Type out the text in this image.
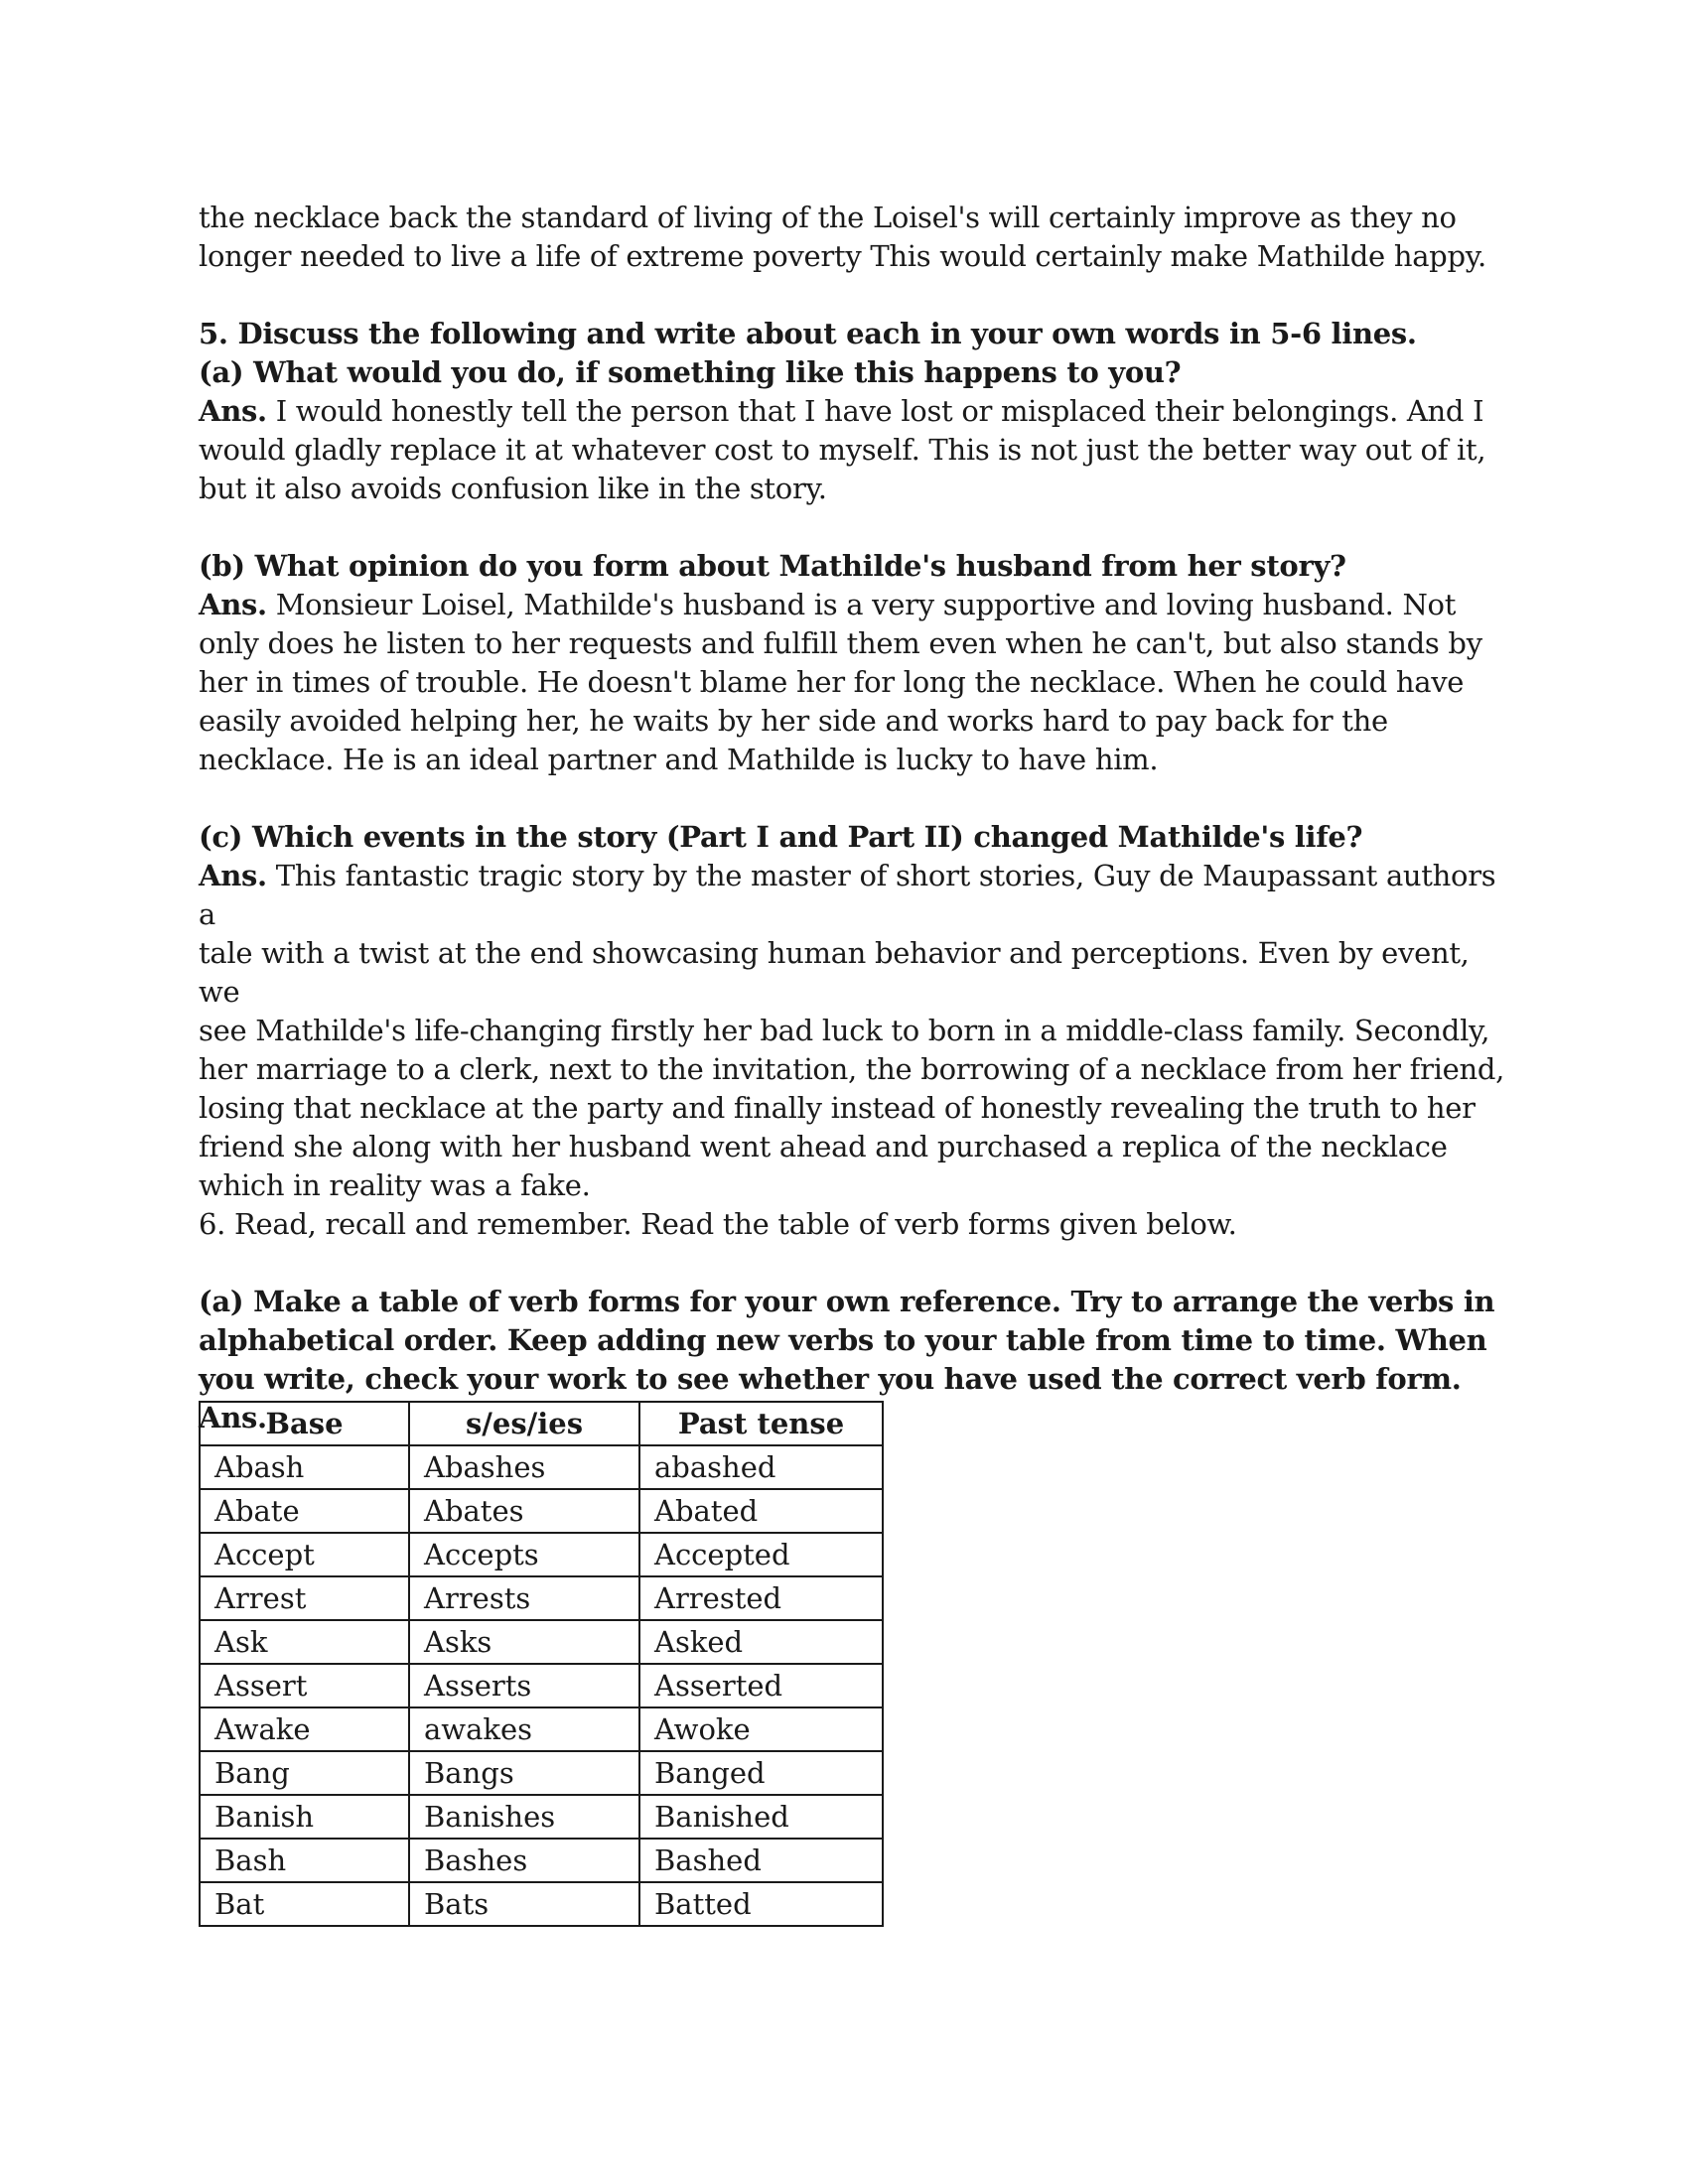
the necklace back the standard of living of the Loisel's will certainly improve as they no

longer needed to live a life of extreme poverty This would certainly make Mathilde happy.

5. Discuss the following and write about each in your own words in 5-6 lines.

(a) What would you do, if something like this happens to you?

Ans. I would honestly tell the person that I have lost or misplaced their belongings. And I

would gladly replace it at whatever cost to myself. This is not just the better way out of it,

but it also avoids confusion like in the story.

(b) What opinion do you form about Mathilde's husband from her story?

Ans. Monsieur Loisel, Mathilde's husband is a very supportive and loving husband. Not

only does he listen to her requests and fulfill them even when he can't, but also stands by

her in times of trouble. He doesn't blame her for long the necklace. When he could have

easily avoided helping her, he waits by her side and works hard to pay back for the

necklace. He is an ideal partner and Mathilde is lucky to have him.

(c) Which events in the story (Part I and Part II) changed Mathilde's life?

Ans. This fantastic tragic story by the master of short stories, Guy de Maupassant authors a

tale with a twist at the end showcasing human behavior and perceptions. Even by event, we

see Mathilde's life-changing firstly her bad luck to born in a middle-class family. Secondly,

her marriage to a clerk, next to the invitation, the borrowing of a necklace from her friend,

losing that necklace at the party and finally instead of honestly revealing the truth to her

friend she along with her husband went ahead and purchased a replica of the necklace

which in reality was a fake.

6. Read, recall and remember. Read the table of verb forms given below.

(a) Make a table of verb forms for your own reference. Try to arrange the verbs in

alphabetical order. Keep adding new verbs to your table from time to time. When

you write, check your work to see whether you have used the correct verb form.

Ans.

Base	s/es/ies	Past tense
Abash	Abashes	abashed
Abate	Abates	Abated
Accept	Accepts	Accepted
Arrest	Arrests	Arrested
Ask	Asks	Asked
Assert	Asserts	Asserted
Awake	awakes	Awoke
Bang	Bangs	Banged
Banish	Banishes	Banished
Bash	Bashes	Bashed
Bat	Bats	Batted
